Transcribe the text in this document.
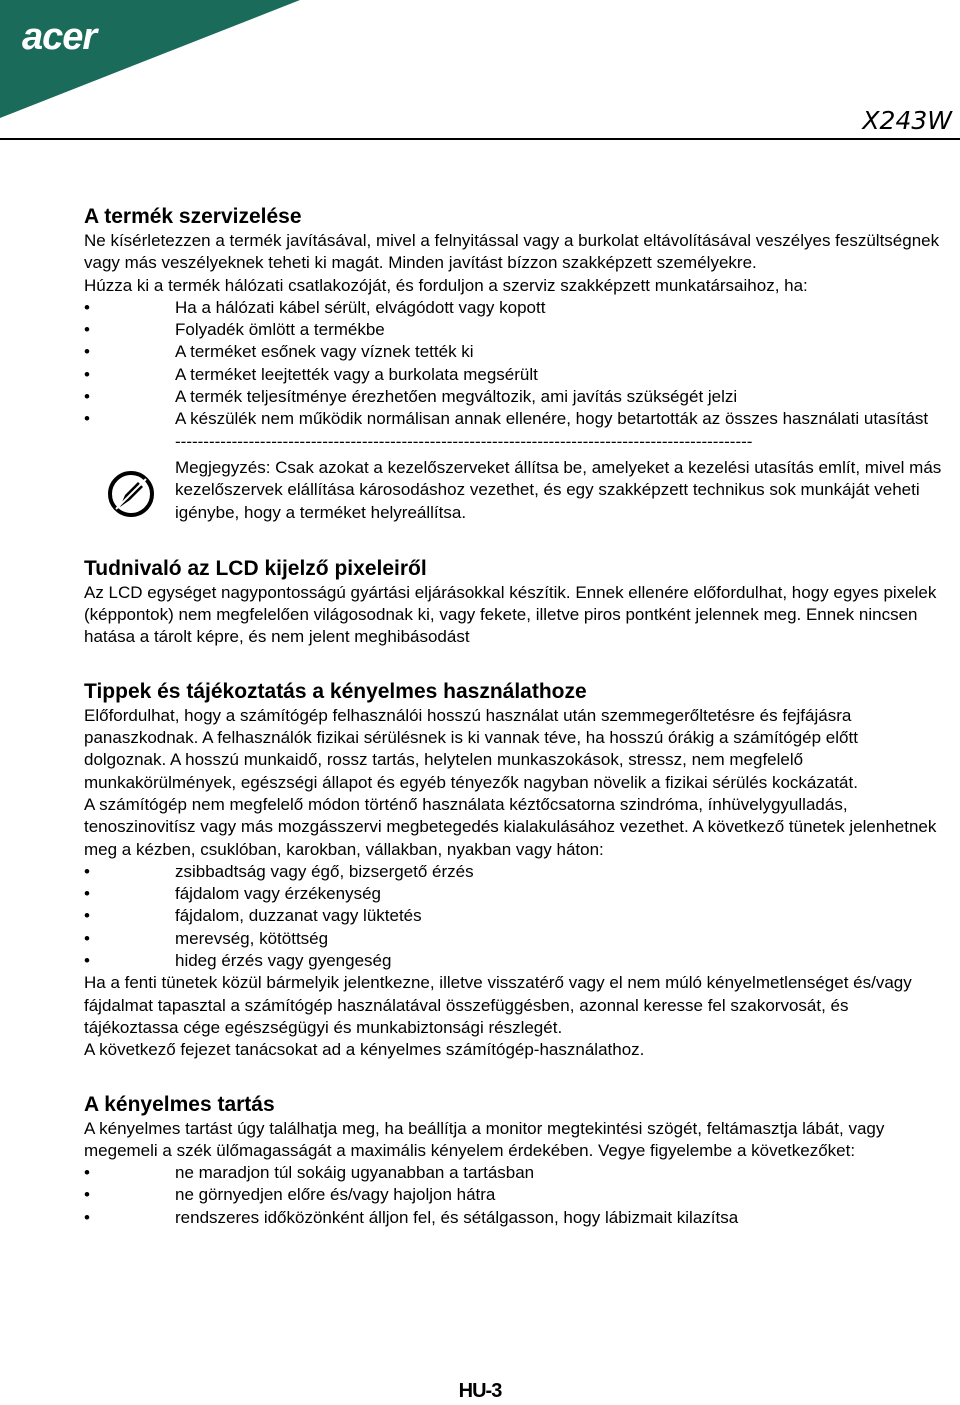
acer
X243W
A termék szervizelése

Ne kísérletezzen a termék javításával, mivel a felnyitással vagy a burkolat eltávolításával veszélyes feszültségnek vagy más veszélyeknek teheti ki magát. Minden javítást bízzon szakképzett személyekre.

Húzza ki a termék hálózati csatlakozóját, és forduljon a szerviz szakképzett munkatársaihoz, ha:

•	Ha a hálózati kábel sérült, elvágódott vagy kopott
•	Folyadék ömlött a termékbe
•	A terméket esőnek vagy víznek tették ki
•	A terméket leejtették vagy a burkolata megsérült
•	A termék teljesítménye érezhetően megváltozik, ami javítás szükségét jelzi
•	A készülék nem működik normálisan annak ellenére, hogy betartották az összes használati utasítást
------------------------------------------------------------------------------------------------------
Megjegyzés: Csak azokat a kezelőszerveket állítsa be, amelyeket a kezelési utasítás említ, mivel más kezelőszervek elállítása károsodáshoz vezethet, és egy szakképzett technikus sok munkáját veheti igénybe, hogy a terméket helyreállítsa.
Tudnivaló az LCD kijelző pixeleiről

Az LCD egységet nagypontosságú gyártási eljárásokkal készítik. Ennek ellenére előfordulhat, hogy egyes pixelek (képpontok) nem megfelelően világosodnak ki, vagy fekete, illetve piros pontként jelennek meg. Ennek nincsen hatása a tárolt képre, és nem jelent meghibásodást

Tippek és tájékoztatás a kényelmes használathoze

Előfordulhat, hogy a számítógép felhasználói hosszú használat után szemmegerőltetésre és fejfájásra panaszkodnak. A felhasználók fizikai sérülésnek is ki vannak téve, ha hosszú órákig a számítógép előtt dolgoznak. A hosszú munkaidő, rossz tartás, helytelen munkaszokások, stressz, nem megfelelő munkakörülmények, egészségi állapot és egyéb tényezők nagyban növelik a fizikai sérülés kockázatát.

A számítógép nem megfelelő módon történő használata kéztőcsatorna szindróma, ínhüvelygyulladás, tenoszinovitísz vagy más mozgásszervi megbetegedés kialakulásához vezethet. A következő tünetek jelenhetnek meg a kézben, csuklóban, karokban, vállakban, nyakban vagy háton:

•	zsibbadtság vagy égő, bizsergető érzés
•	fájdalom vagy érzékenység
•	fájdalom, duzzanat vagy lüktetés
•	merevség, kötöttség
•	hideg érzés vagy gyengeség

Ha a fenti tünetek közül bármelyik jelentkezne, illetve visszatérő vagy el nem múló kényelmetlenséget és/vagy fájdalmat tapasztal a számítógép használatával összefüggésben, azonnal keresse fel szakorvosát, és tájékoztassa cége egészségügyi és munkabiztonsági részlegét.

A következő fejezet tanácsokat ad a kényelmes számítógép-használathoz.

A kényelmes tartás

A kényelmes tartást úgy találhatja meg, ha beállítja a monitor megtekintési szögét, feltámasztja lábát, vagy megemeli a szék ülőmagasságát a maximális kényelem érdekében. Vegye figyelembe a következőket:

•	ne maradjon túl sokáig ugyanabban a tartásban
•	ne görnyedjen előre és/vagy hajoljon hátra
•	rendszeres időközönként álljon fel, és sétálgasson, hogy lábizmait kilazítsa
HU-3
